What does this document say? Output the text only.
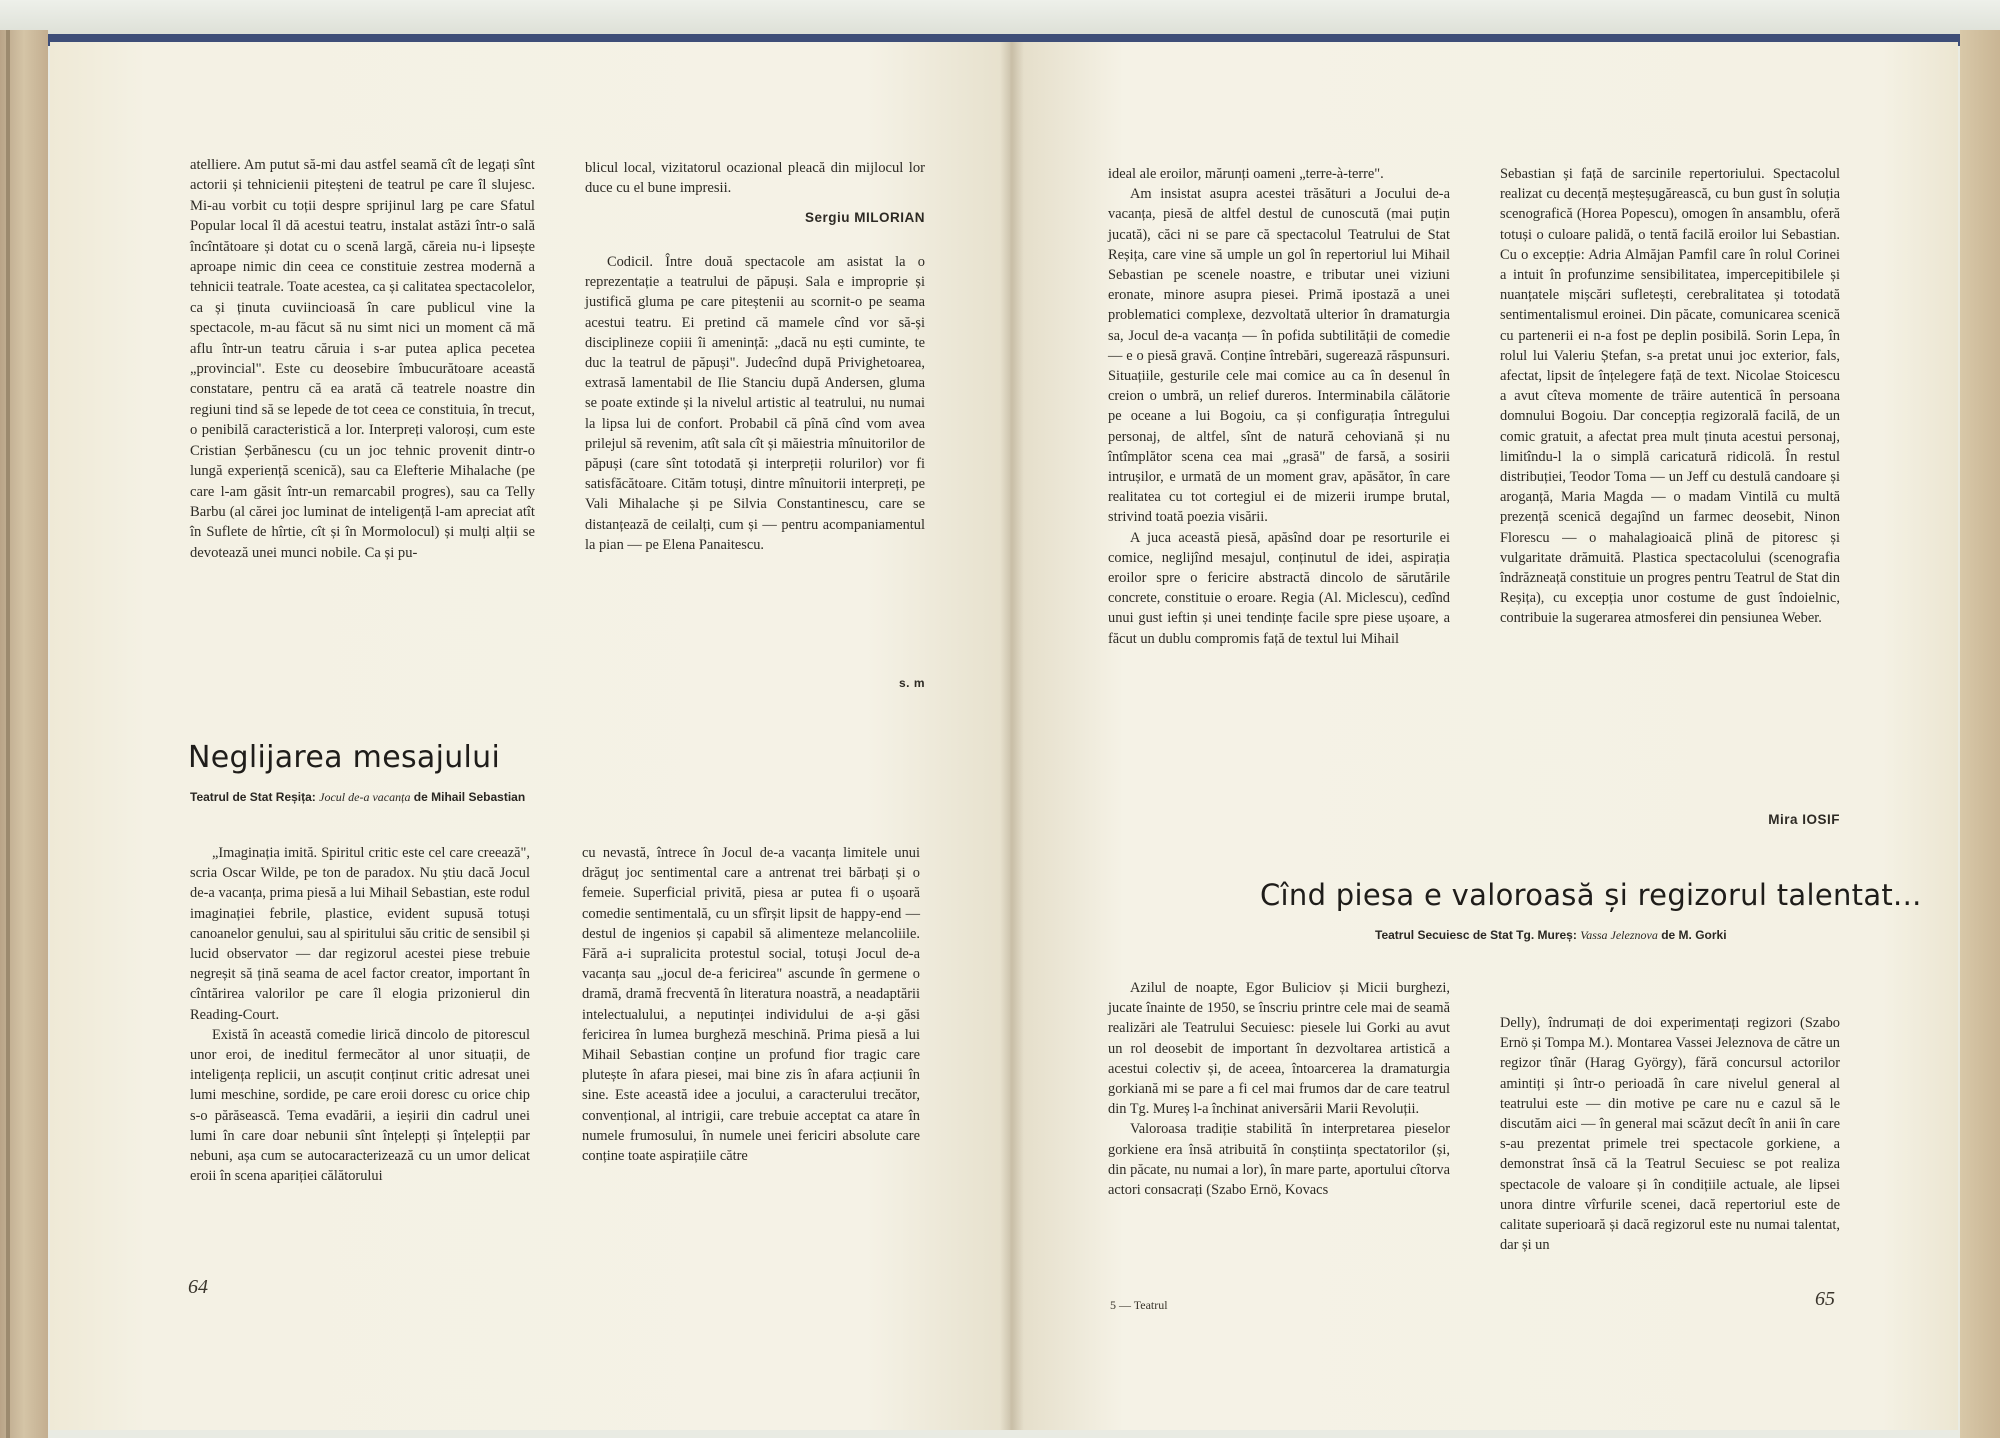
atelliere. Am putut să-mi dau astfel seamă cît de legați sînt actorii și tehnicienii piteșteni de teatrul pe care îl slujesc. Mi-au vorbit cu toții despre sprijinul larg pe care Sfatul Popular local îl dă acestui teatru, instalat astăzi într-o sală încîntătoare și dotat cu o scenă largă, căreia nu-i lipsește aproape nimic din ceea ce constituie zestrea modernă a tehnicii teatrale. Toate acestea, ca și calitatea spectacolelor, ca și ținuta cuviincioasă în care publicul vine la spectacole, m-au făcut să nu simt nici un moment că mă aflu într-un teatru căruia i s-ar putea aplica pecetea „provincial". Este cu deosebire îmbucurătoare această constatare, pentru că ea arată că teatrele noastre din regiuni tind să se lepede de tot ceea ce constituia, în trecut, o penibilă caracteristică a lor. Interpreți valoroși, cum este Cristian Șerbănescu (cu un joc tehnic provenit dintr-o lungă experiență scenică), sau ca Elefterie Mihalache (pe care l-am găsit într-un remarcabil progres), sau ca Telly Barbu (al cărei joc luminat de inteligență l-am apreciat atît în Suflete de hîrtie, cît și în Mormolocul) și mulți alții se devotează unei munci nobile. Ca și pu-

blicul local, vizitatorul ocazional pleacă din mijlocul lor duce cu el bune impresii.

Sergiu MILORIAN

Codicil. Între două spectacole am asistat la o reprezentație a teatrului de păpuși. Sala e improprie și justifică gluma pe care piteștenii au scornit-o pe seama acestui teatru. Ei pretind că mamele cînd vor să-și disciplineze copiii îi amenință: „dacă nu ești cuminte, te duc la teatrul de păpuși". Judecînd după Privighetoarea, extrasă lamentabil de Ilie Stanciu după Andersen, gluma se poate extinde și la nivelul artistic al teatrului, nu numai la lipsa lui de confort. Probabil că pînă cînd vom avea prilejul să revenim, atît sala cît și măiestria mînuitorilor de păpuși (care sînt totodată și interpreții rolurilor) vor fi satisfăcătoare. Cităm totuși, dintre mînuitorii interpreți, pe Vali Mihalache și pe Silvia Constantinescu, care se distanțează de ceilalți, cum și — pentru acompaniamentul la pian — pe Elena Panaitescu.

s. m
Neglijarea mesajului
Teatrul de Stat Reșița: Jocul de-a vacanța de Mihail Sebastian

„Imaginația imită. Spiritul critic este cel care creează", scria Oscar Wilde, pe ton de paradox. Nu știu dacă Jocul de-a vacanța, prima piesă a lui Mihail Sebastian, este rodul imaginației febrile, plastice, evident supusă totuși canoanelor genului, sau al spiritului său critic de sensibil și lucid observator — dar regizorul acestei piese trebuie negreșit să țină seama de acel factor creator, important în cîntărirea valorilor pe care îl elogia prizonierul din Reading-Court.

Există în această comedie lirică dincolo de pitorescul unor eroi, de ineditul fermecător al unor situații, de inteligența replicii, un ascuțit conținut critic adresat unei lumi meschine, sordide, pe care eroii doresc cu orice chip s-o părăsească. Tema evadării, a ieșirii din cadrul unei lumi în care doar nebunii sînt înțelepți și înțelepții par nebuni, așa cum se autocaracterizează cu un umor delicat eroii în scena apariției călătorului

cu nevastă, întrece în Jocul de-a vacanța limitele unui drăguț joc sentimental care a antrenat trei bărbați și o femeie. Superficial privită, piesa ar putea fi o ușoară comedie sentimentală, cu un sfîrșit lipsit de happy-end — destul de ingenios și capabil să alimenteze melancoliile. Fără a-i supralicita protestul social, totuși Jocul de-a vacanța sau „jocul de-a fericirea" ascunde în germene o dramă, dramă frecventă în literatura noastră, a neadaptării intelectualului, a neputinței individului de a-și găsi fericirea în lumea burgheză meschină. Prima piesă a lui Mihail Sebastian conține un profund fior tragic care plutește în afara piesei, mai bine zis în afara acțiunii în sine. Este această idee a jocului, a caracterului trecător, convențional, al intrigii, care trebuie acceptat ca atare în numele frumosului, în numele unei fericiri absolute care conține toate aspirațiile către

64

ideal ale eroilor, mărunți oameni „terre-à-terre".

Am insistat asupra acestei trăsături a Jocului de-a vacanța, piesă de altfel destul de cunoscută (mai puțin jucată), căci ni se pare că spectacolul Teatrului de Stat Reșița, care vine să umple un gol în repertoriul lui Mihail Sebastian pe scenele noastre, e tributar unei viziuni eronate, minore asupra piesei. Primă ipostază a unei problematici complexe, dezvoltată ulterior în dramaturgia sa, Jocul de-a vacanța — în pofida subtilității de comedie — e o piesă gravă. Conține întrebări, sugerează răspunsuri. Situațiile, gesturile cele mai comice au ca în desenul în creion o umbră, un relief dureros. Interminabila călătorie pe oceane a lui Bogoiu, ca și configurația întregului personaj, de altfel, sînt de natură cehoviană și nu întîmplător scena cea mai „grasă" de farsă, a sosirii intrușilor, e urmată de un moment grav, apăsător, în care realitatea cu tot cortegiul ei de mizerii irumpe brutal, strivind toată poezia visării.

A juca această piesă, apăsînd doar pe resorturile ei comice, neglijînd mesajul, conținutul de idei, aspirația eroilor spre o fericire abstractă dincolo de sărutările concrete, constituie o eroare. Regia (Al. Miclescu), cedînd unui gust ieftin și unei tendințe facile spre piese ușoare, a făcut un dublu compromis față de textul lui Mihail

Sebastian și față de sarcinile repertoriului. Spectacolul realizat cu decență meșteșugărească, cu bun gust în soluția scenografică (Horea Popescu), omogen în ansamblu, oferă totuși o culoare palidă, o tentă facilă eroilor lui Sebastian. Cu o excepție: Adria Almăjan Pamfil care în rolul Corinei a intuit în profunzime sensibilitatea, impercepitibilele și nuanțatele mișcări sufletești, cerebralitatea și totodată sentimentalismul eroinei. Din păcate, comunicarea scenică cu partenerii ei n-a fost pe deplin posibilă. Sorin Lepa, în rolul lui Valeriu Ștefan, s-a pretat unui joc exterior, fals, afectat, lipsit de înțelegere față de text. Nicolae Stoicescu a avut cîteva momente de trăire autentică în persoana domnului Bogoiu. Dar concepția regizorală facilă, de un comic gratuit, a afectat prea mult ținuta acestui personaj, limitîndu-l la o simplă caricatură ridicolă. În restul distribuției, Teodor Toma — un Jeff cu destulă candoare și aroganță, Maria Magda — o madam Vintilă cu multă prezență scenică degajînd un farmec deosebit, Ninon Florescu — o mahalagioaică plină de pitoresc și vulgaritate drămuită. Plastica spectacolului (scenografia îndrăzneață constituie un progres pentru Teatrul de Stat din Reșița), cu excepția unor costume de gust îndoielnic, contribuie la sugerarea atmosferei din pensiunea Weber.

Mira IOSIF
Cînd piesa e valoroasă și regizorul talentat...
Teatrul Secuiesc de Stat Tg. Mureș: Vassa Jeleznova de M. Gorki

Azilul de noapte, Egor Buliciov și Micii burghezi, jucate înainte de 1950, se înscriu printre cele mai de seamă realizări ale Teatrului Secuiesc: piesele lui Gorki au avut un rol deosebit de important în dezvoltarea artistică a acestui colectiv și, de aceea, întoarcerea la dramaturgia gorkiană mi se pare a fi cel mai frumos dar de care teatrul din Tg. Mureș l-a închinat aniversării Marii Revoluții.

Valoroasa tradiție stabilită în interpretarea pieselor gorkiene era însă atribuită în conștiința spectatorilor (și, din păcate, nu numai a lor), în mare parte, aportului cîtorva actori consacrați (Szabo Ernö, Kovacs

Delly), îndrumați de doi experimentați regizori (Szabo Ernö și Tompa M.). Montarea Vassei Jeleznova de către un regizor tînăr (Harag György), fără concursul actorilor amintiți și într-o perioadă în care nivelul general al teatrului este — din motive pe care nu e cazul să le discutăm aici — în general mai scăzut decît în anii în care s-au prezentat primele trei spectacole gorkiene, a demonstrat însă că la Teatrul Secuiesc se pot realiza spectacole de valoare și în condițiile actuale, ale lipsei unora dintre vîrfurile scenei, dacă repertoriul este de calitate superioară și dacă regizorul este nu numai talentat, dar și un

5 — Teatrul	65
